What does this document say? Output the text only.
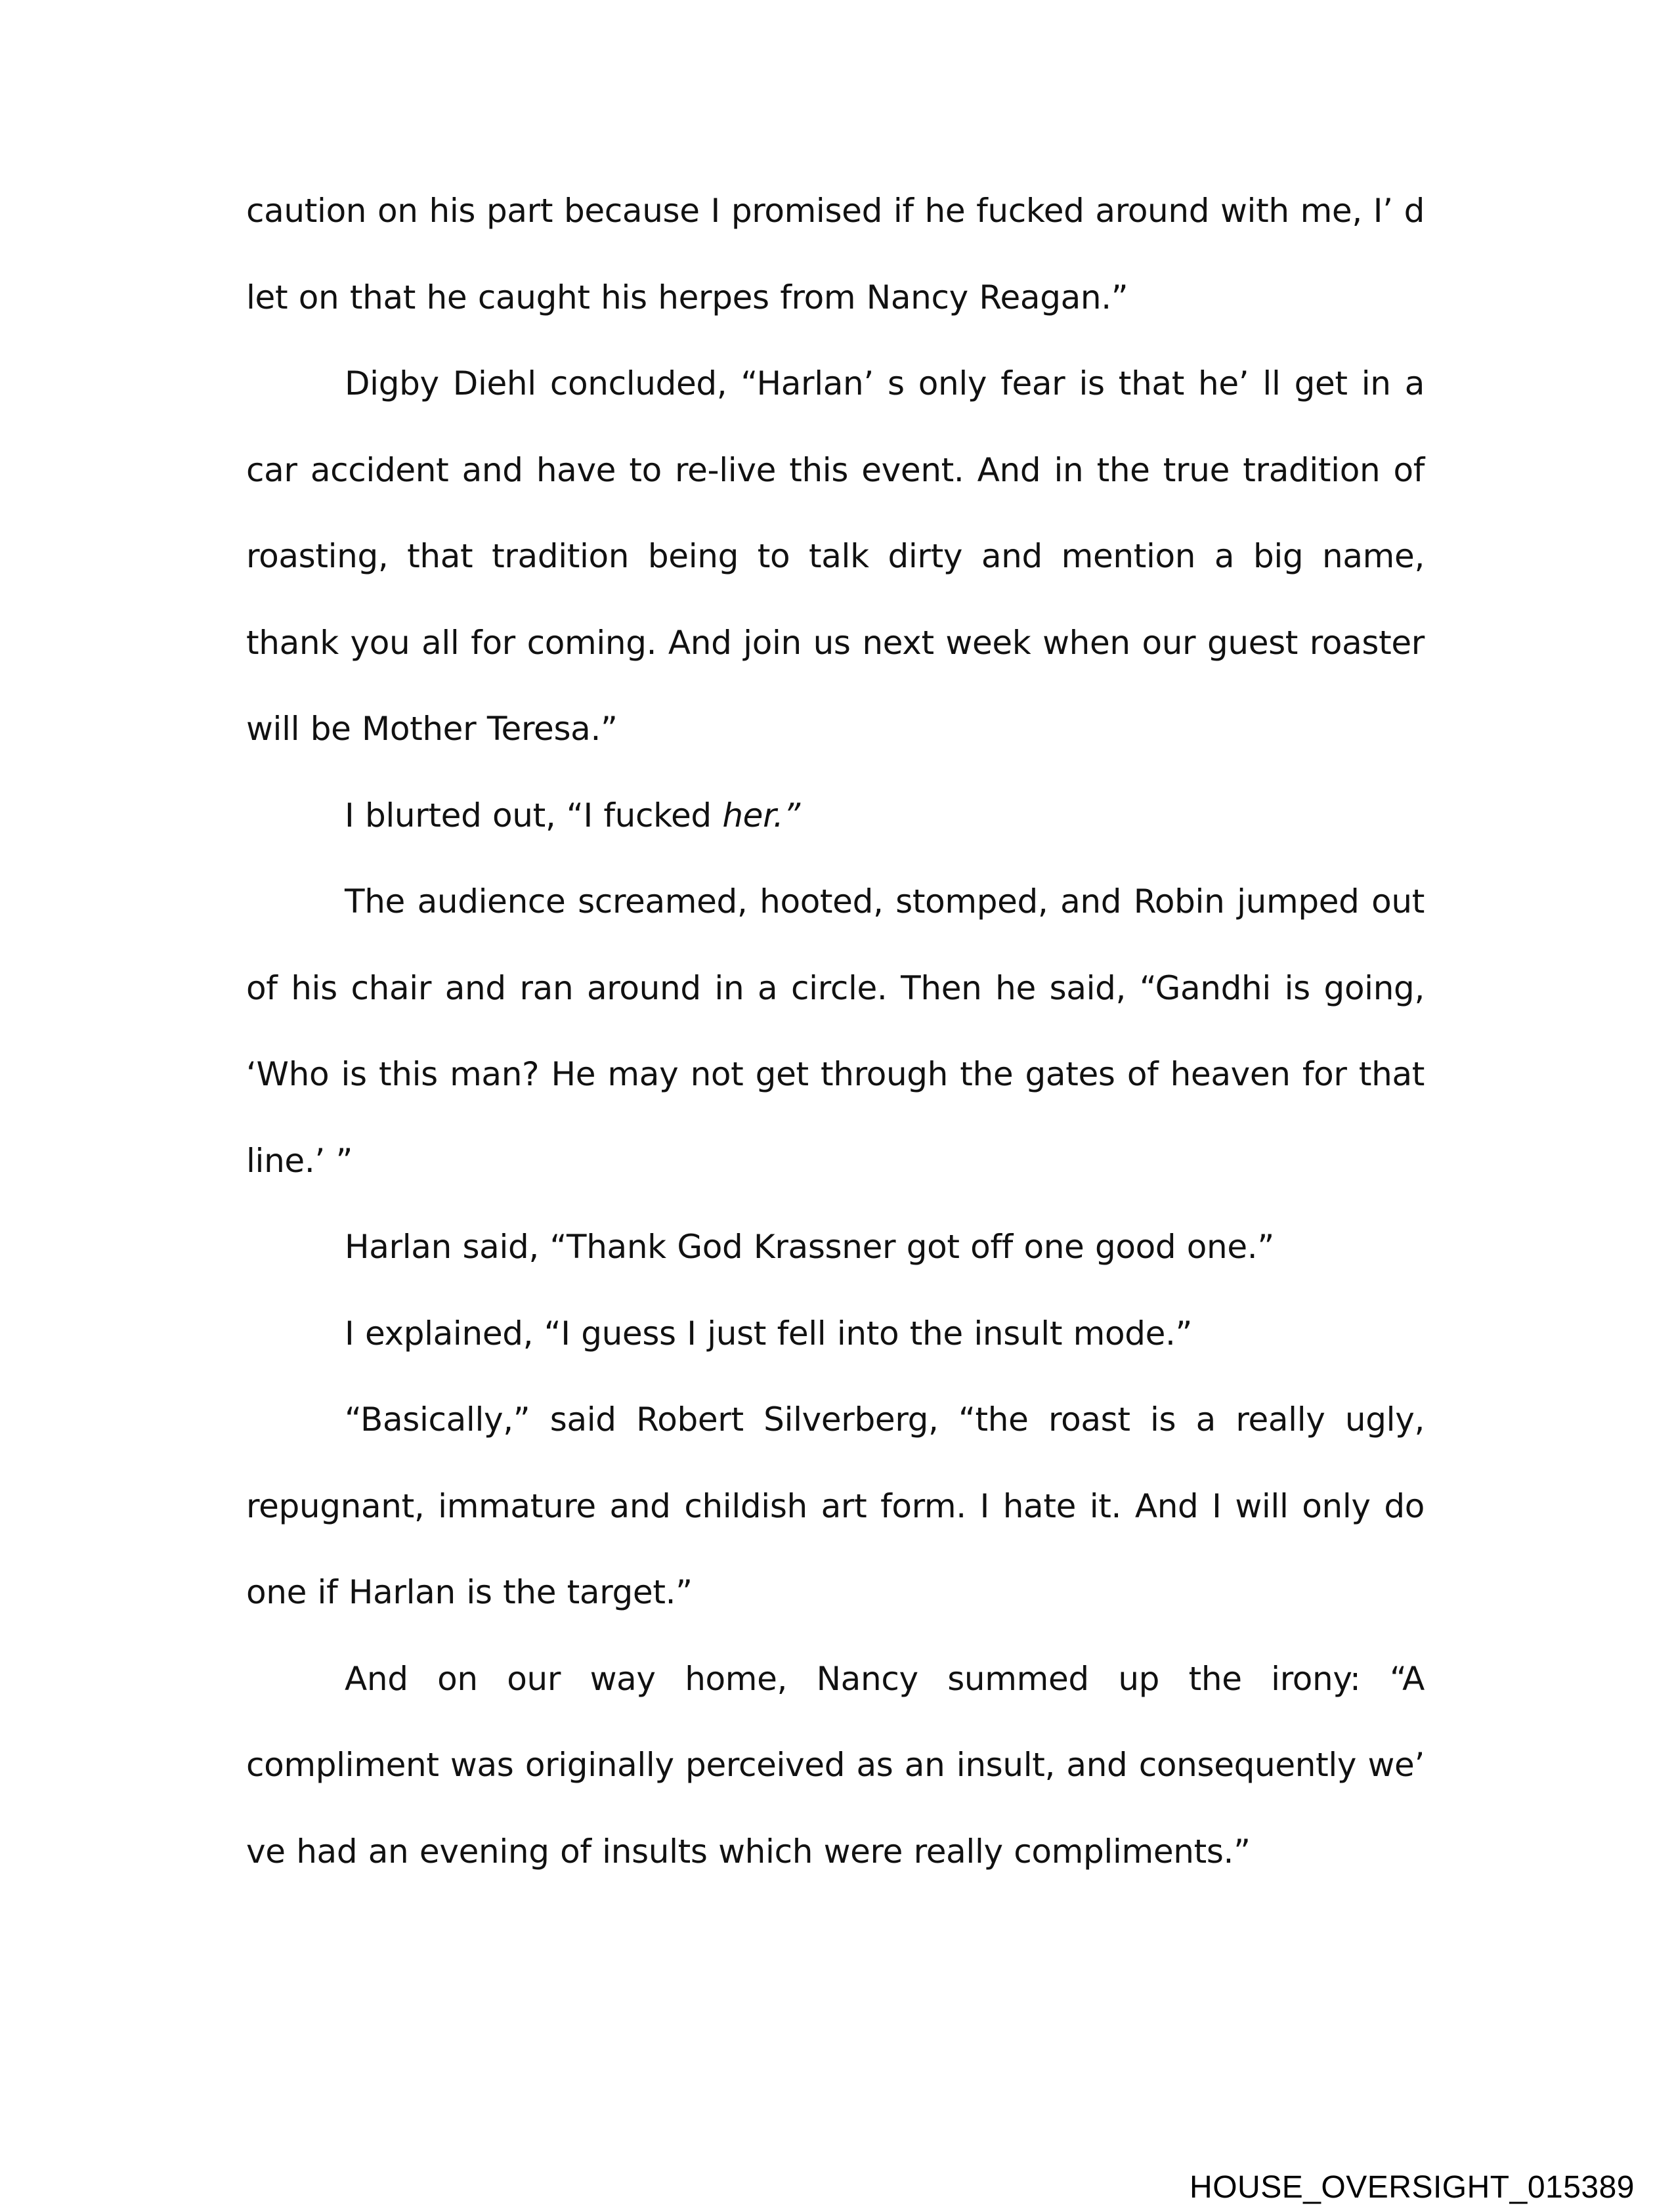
caution on his part because I promised if he fucked around with me, I’ d let on that he caught his herpes from Nancy Reagan.”

Digby Diehl concluded, “Harlan’ s only fear is that he’ ll get in a car accident and have to re-live this event. And in the true tradition of roasting, that tradition being to talk dirty and mention a big name, thank you all for coming. And join us next week when our guest roaster will be Mother Teresa.”

I blurted out, “I fucked her.”

The audience screamed, hooted, stomped, and Robin jumped out of his chair and ran around in a circle. Then he said, “Gandhi is going, ‘Who is this man? He may not get through the gates of heaven for that line.’ ”

Harlan said, “Thank God Krassner got off one good one.”

I explained, “I guess I just fell into the insult mode.”

“Basically,” said Robert Silverberg, “the roast is a really ugly, repugnant, immature and childish art form. I hate it. And I will only do one if Harlan is the target.”

And on our way home, Nancy summed up the irony: “A compliment was originally perceived as an insult, and consequently we’ ve had an evening of insults which were really compliments.”

HOUSE_OVERSIGHT_015389
